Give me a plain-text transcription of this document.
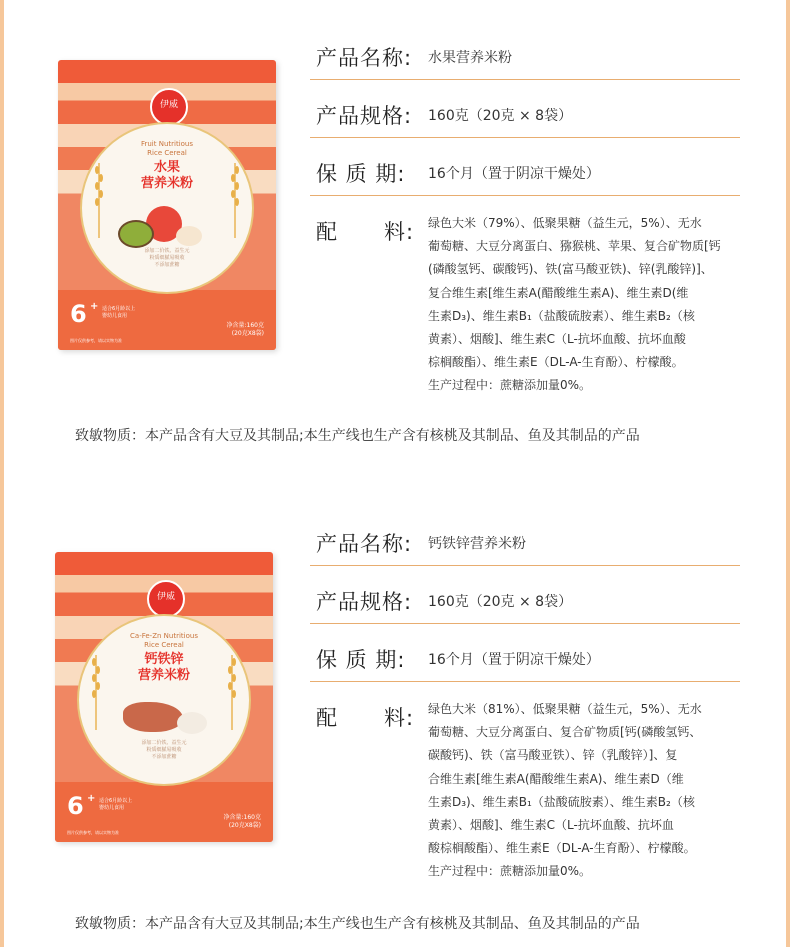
伊威
Fruit Nutritious
Rice Cereal
水果
营养米粉
添加二价铁、益生元
粉质细腻易吸收
不添加蔗糖
6 + 适合6月龄以上
婴幼儿食用
净含量:160克
(20克X8袋)
图片仅供参考，请以实物为准
产品名称: 水果营养米粉
产品规格: 160克（20克 × 8袋）
保 质 期: 16个月（置于阴凉干燥处）
配 料: 绿色大米（79%）、低聚果糖（益生元，5%）、无水
葡萄糖、大豆分离蛋白、猕猴桃、苹果、复合矿物质[钙
(磷酸氢钙、碳酸钙)、铁(富马酸亚铁)、锌(乳酸锌)]、
复合维生素[维生素A(醋酸维生素A)、维生素D(维
生素D₃)、维生素B₁（盐酸硫胺素）、维生素B₂（核
黄素）、烟酸]、维生素C（L-抗坏血酸、抗坏血酸
棕榈酸酯）、维生素E（DL-A-生育酚）、柠檬酸。
生产过程中：蔗糖添加量0%。
致敏物质：本产品含有大豆及其制品;本生产线也生产含有核桃及其制品、鱼及其制品的产品
伊威
Ca-Fe-Zn Nutritious
Rice Cereal
钙铁锌
营养米粉
添加二价铁、益生元
粉质细腻易吸收
不添加蔗糖
6 + 适合6月龄以上
婴幼儿食用
净含量:160克
(20克X8袋)
图片仅供参考，请以实物为准
产品名称: 钙铁锌营养米粉
产品规格: 160克（20克 × 8袋）
保 质 期: 16个月（置于阴凉干燥处）
配 料: 绿色大米（81%）、低聚果糖（益生元，5%）、无水
葡萄糖、大豆分离蛋白、复合矿物质[钙(磷酸氢钙、
碳酸钙)、铁（富马酸亚铁）、锌（乳酸锌）]、复
合维生素[维生素A(醋酸维生素A)、维生素D（维
生素D₃)、维生素B₁（盐酸硫胺素）、维生素B₂（核
黄素）、烟酸]、维生素C（L-抗坏血酸、抗坏血
酸棕榈酸酯）、维生素E（DL-A-生育酚）、柠檬酸。
生产过程中：蔗糖添加量0%。
致敏物质：本产品含有大豆及其制品;本生产线也生产含有核桃及其制品、鱼及其制品的产品
